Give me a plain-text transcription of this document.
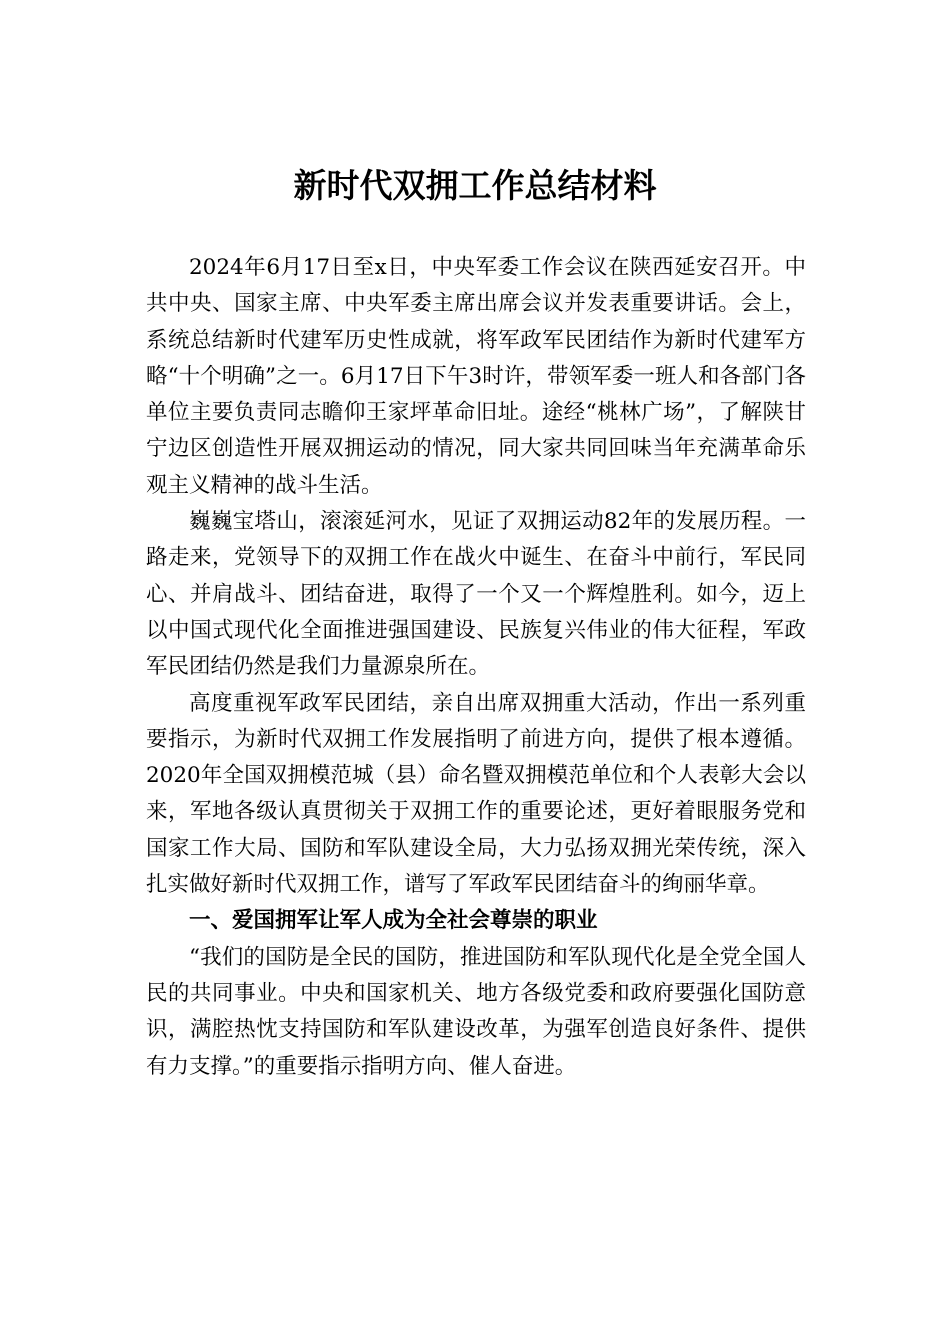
新时代双拥工作总结材料

2024年6月17日至x日，中央军委工作会议在陕西延安召开。中共中央、国家主席、中央军委主席出席会议并发表重要讲话。会上，系统总结新时代建军历史性成就，将军政军民团结作为新时代建军方略“十个明确”之一。6月17日下午3时许，带领军委一班人和各部门各单位主要负责同志瞻仰王家坪革命旧址。途经“桃林广场”，了解陕甘宁边区创造性开展双拥运动的情况，同大家共同回味当年充满革命乐观主义精神的战斗生活。

巍巍宝塔山，滚滚延河水，见证了双拥运动82年的发展历程。一路走来，党领导下的双拥工作在战火中诞生、在奋斗中前行，军民同心、并肩战斗、团结奋进，取得了一个又一个辉煌胜利。如今，迈上以中国式现代化全面推进强国建设、民族复兴伟业的伟大征程，军政军民团结仍然是我们力量源泉所在。

高度重视军政军民团结，亲自出席双拥重大活动，作出一系列重要指示，为新时代双拥工作发展指明了前进方向，提供了根本遵循。2020年全国双拥模范城（县）命名暨双拥模范单位和个人表彰大会以来，军地各级认真贯彻关于双拥工作的重要论述，更好着眼服务党和国家工作大局、国防和军队建设全局，大力弘扬双拥光荣传统，深入扎实做好新时代双拥工作，谱写了军政军民团结奋斗的绚丽华章。

一、爱国拥军让军人成为全社会尊崇的职业

“我们的国防是全民的国防，推进国防和军队现代化是全党全国人民的共同事业。中央和国家机关、地方各级党委和政府要强化国防意识，满腔热忱支持国防和军队建设改革，为强军创造良好条件、提供有力支撑。”的重要指示指明方向、催人奋进。
